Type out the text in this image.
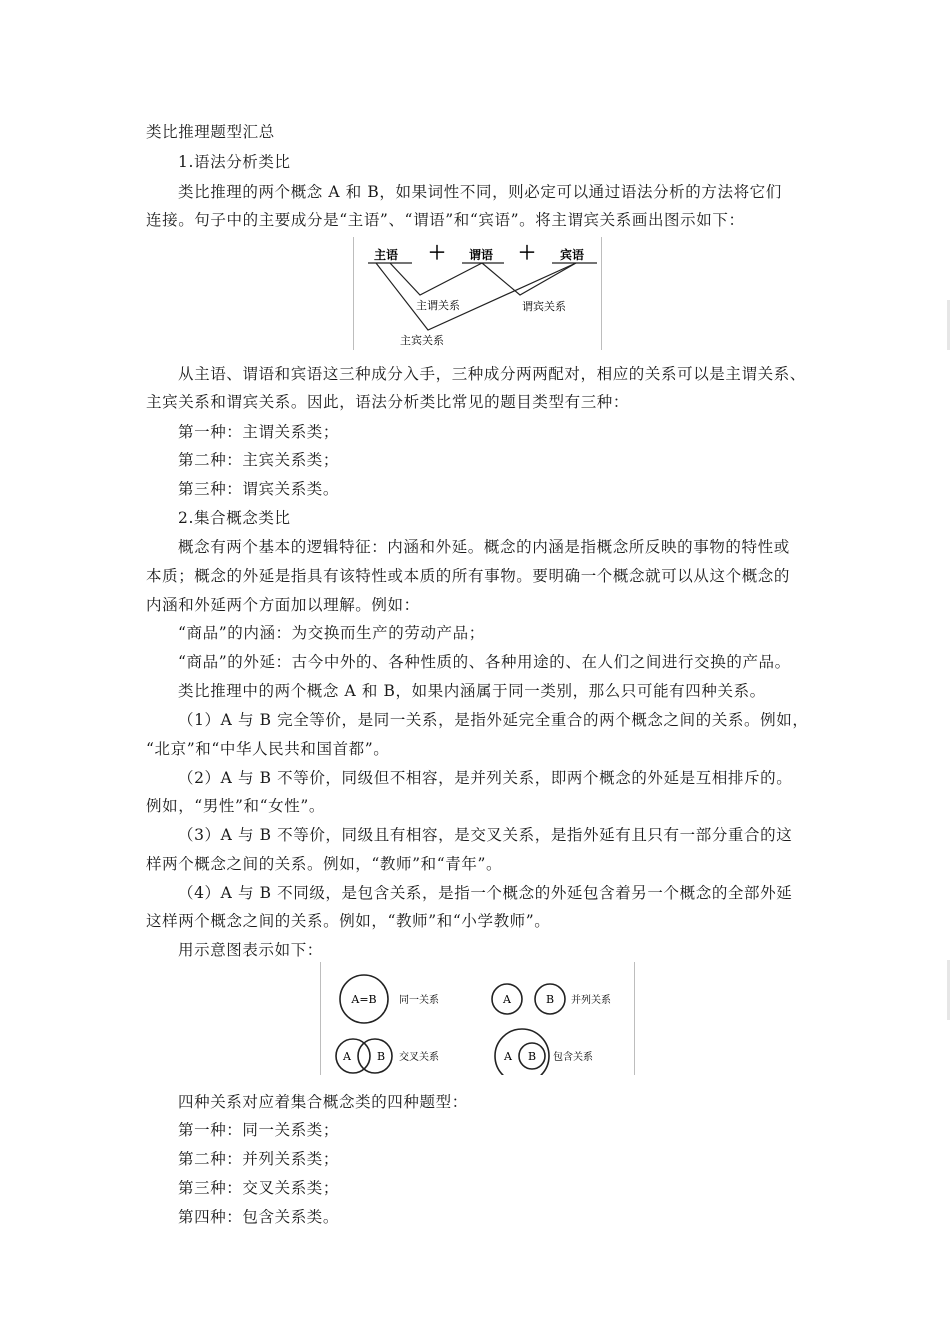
类比推理题型汇总
1.语法分析类比
类比推理的两个概念 A 和 B，如果词性不同，则必定可以通过语法分析的方法将它们
连接。句子中的主要成分是“主语”、“谓语”和“宾语”。将主谓宾关系画出图示如下：
主语 ＋ 谓语 ＋ 宾语
主谓关系	谓宾关系
主宾关系
从主语、谓语和宾语这三种成分入手，三种成分两两配对，相应的关系可以是主谓关系、
主宾关系和谓宾关系。因此，语法分析类比常见的题目类型有三种：
第一种：主谓关系类；
第二种：主宾关系类；
第三种：谓宾关系类。
2.集合概念类比
概念有两个基本的逻辑特征：内涵和外延。概念的内涵是指概念所反映的事物的特性或
本质；概念的外延是指具有该特性或本质的所有事物。要明确一个概念就可以从这个概念的
内涵和外延两个方面加以理解。例如：
“商品”的内涵：为交换而生产的劳动产品；
“商品”的外延：古今中外的、各种性质的、各种用途的、在人们之间进行交换的产品。
类比推理中的两个概念 A 和 B，如果内涵属于同一类别，那么只可能有四种关系。
（1）A 与 B 完全等价，是同一关系，是指外延完全重合的两个概念之间的关系。例如，
“北京”和“中华人民共和国首都”。
（2）A 与 B 不等价，同级但不相容，是并列关系，即两个概念的外延是互相排斥的。
例如，“男性”和“女性”。
（3）A 与 B 不等价，同级且有相容，是交叉关系，是指外延有且只有一部分重合的这
样两个概念之间的关系。例如，“教师”和“青年”。
（4）A 与 B 不同级，是包含关系，是指一个概念的外延包含着另一个概念的全部外延
这样两个概念之间的关系。例如，“教师”和“小学教师”。
用示意图表示如下：
A=B 同一关系	A	B 并列关系
A B 交叉关系	A B 包含关系
四种关系对应着集合概念类的四种题型：
第一种：同一关系类；
第二种：并列关系类；
第三种：交叉关系类；
第四种：包含关系类。
